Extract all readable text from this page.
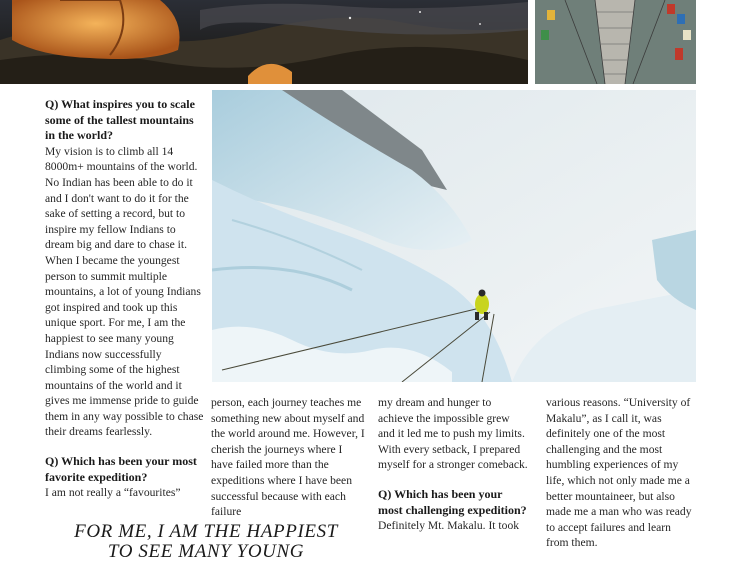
Q) What inspires you to scale some of the tallest mountains in the world?

My vision is to climb all 14 8000m+ mountains of the world. No Indian has been able to do it and I don't want to do it for the sake of setting a record, but to inspire my fellow Indians to dream big and dare to chase it. When I became the youngest person to summit multiple mountains, a lot of young Indians got inspired and took up this unique sport. For me, I am the happiest to see many young Indians now successfully climbing some of the highest mountains of the world and it gives me immense pride to guide them in any way possible to chase their dreams fearlessly.

Q) Which has been your most favorite expedition?

I am not really a “favourites”

FOR ME, I AM THE HAPPIEST
TO SEE MANY YOUNG

person, each journey teaches me something new about myself and the world around me. However, I cherish the journeys where I have failed more than the expeditions where I have been successful because with each failure

my dream and hunger to achieve the impossible grew and it led me to push my limits. With every setback, I prepared myself for a stronger comeback.

Q) Which has been your most challenging expedition?

Definitely Mt. Makalu. It took

various reasons. “University of Makalu”, as I call it, was definitely one of the most challenging and the most humbling experiences of my life, which not only made me a better mountaineer, but also made me a man who was ready to accept failures and learn from them.
